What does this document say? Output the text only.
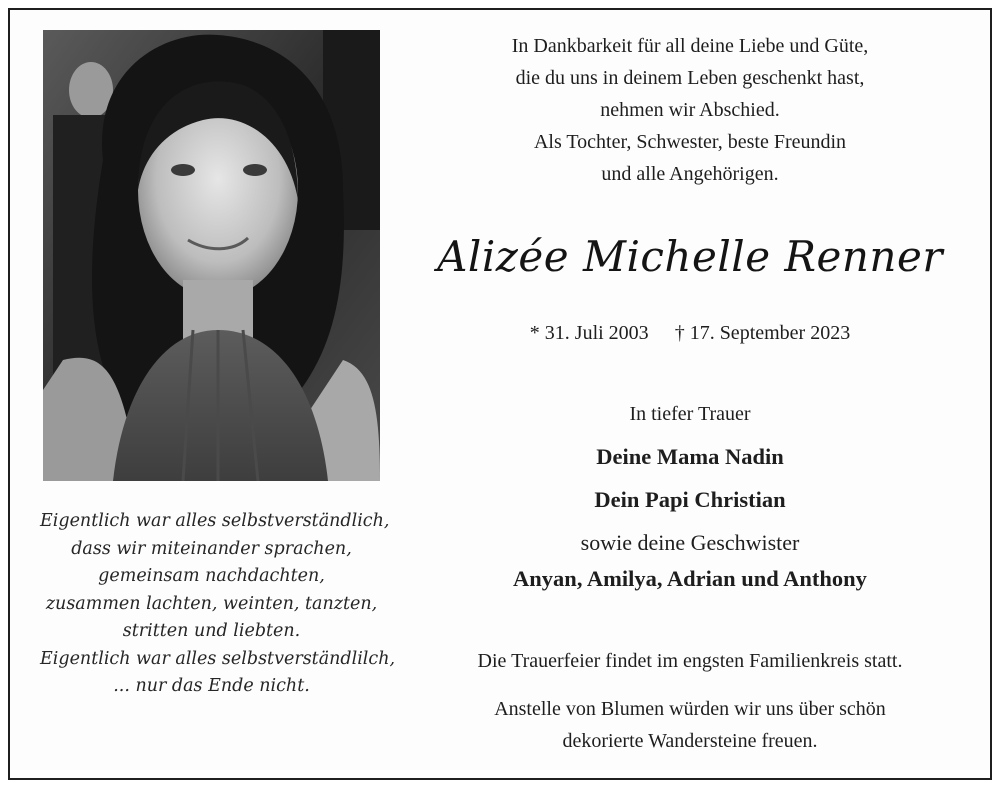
Eigentlich war alles selbstverständlich,
dass wir miteinander sprachen,
gemeinsam nachdachten,
zusammen lachten, weinten, tanzten,
stritten und liebten.
Eigentlich war alles selbstverständlilch,
... nur das Ende nicht.
In Dankbarkeit für all deine Liebe und Güte,
die du uns in deinem Leben geschenkt hast,
nehmen wir Abschied.
Als Tochter, Schwester, beste Freundin
und alle Angehörigen.
Alizée Michelle Renner
* 31. Juli 2003 † 17. September 2023
In tiefer Trauer
Deine Mama Nadin
Dein Papi Christian
sowie deine Geschwister
Anyan, Amilya, Adrian und Anthony
Die Trauerfeier findet im engsten Familienkreis statt.
Anstelle von Blumen würden wir uns über schön
dekorierte Wandersteine freuen.
